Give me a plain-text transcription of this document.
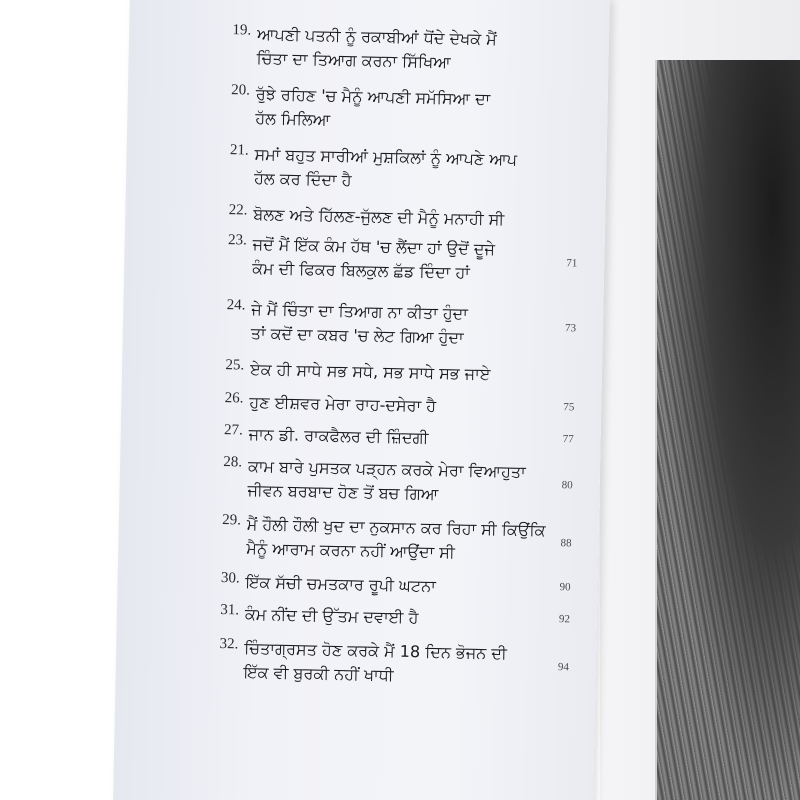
19. ਆਪਣੀ ਪਤਨੀ ਨੂੰ ਰਕਾਬੀਆਂ ਧੋਂਦੇ ਦੇਖਕੇ ਮੈਂ
ਚਿੰਤਾ ਦਾ ਤਿਆਗ ਕਰਨਾ ਸਿੱਖਿਆ
20. ਰੁੱਝੇ ਰਹਿਣ 'ਚ ਮੈਨੂੰ ਆਪਣੀ ਸਮੱਸਿਆ ਦਾ
ਹੱਲ ਮਿਲਿਆ
21. ਸਮਾਂ ਬਹੁਤ ਸਾਰੀਆਂ ਮੁਸ਼ਕਿਲਾਂ ਨੂੰ ਆਪਣੇ ਆਪ
ਹੱਲ ਕਰ ਦਿੰਦਾ ਹੈ
22. ਬੋਲਣ ਅਤੇ ਹਿੱਲਣ-ਜੁੱਲਣ ਦੀ ਮੈਨੂੰ ਮਨਾਹੀ ਸੀ
23. ਜਦੋਂ ਮੈਂ ਇੱਕ ਕੰਮ ਹੱਥ 'ਚ ਲੈਂਦਾ ਹਾਂ ਉਦੋਂ ਦੂਜੇ
ਕੰਮ ਦੀ ਫਿਕਰ ਬਿਲਕੁਲ ਛੱਡ ਦਿੰਦਾ ਹਾਂ	71
24. ਜੇ ਮੈਂ ਚਿੰਤਾ ਦਾ ਤਿਆਗ ਨਾ ਕੀਤਾ ਹੁੰਦਾ
ਤਾਂ ਕਦੋਂ ਦਾ ਕਬਰ 'ਚ ਲੇਟ ਗਿਆ ਹੁੰਦਾ	73
25. ਏਕ ਹੀ ਸਾਧੇ ਸਭ ਸਧੇ, ਸਭ ਸਾਧੇ ਸਭ ਜਾਏ
26. ਹੁਣ ਈਸ਼ਵਰ ਮੇਰਾ ਰਾਹ-ਦਸੇਰਾ ਹੈ	75
27. ਜਾਨ ਡੀ. ਰਾਕਫੈਲਰ ਦੀ ਜ਼ਿੰਦਗੀ	77
28. ਕਾਮ ਬਾਰੇ ਪੁਸਤਕ ਪੜ੍ਹਨ ਕਰਕੇ ਮੇਰਾ ਵਿਆਹੁਤਾ
ਜੀਵਨ ਬਰਬਾਦ ਹੋਣ ਤੋਂ ਬਚ ਗਿਆ	80
29. ਮੈਂ ਹੌਲੀ ਹੌਲੀ ਖੁਦ ਦਾ ਨੁਕਸਾਨ ਕਰ ਰਿਹਾ ਸੀ ਕਿਉਂਕਿ
ਮੈਨੂੰ ਆਰਾਮ ਕਰਨਾ ਨਹੀਂ ਆਉਂਦਾ ਸੀ	88
30. ਇੱਕ ਸੱਚੀ ਚਮਤਕਾਰ ਰੂਪੀ ਘਟਨਾ	90
31. ਕੰਮ ਨੀਂਦ ਦੀ ਉੱਤਮ ਦਵਾਈ ਹੈ	92
32. ਚਿੰਤਾਗ੍ਰਸਤ ਹੋਣ ਕਰਕੇ ਮੈਂ 18 ਦਿਨ ਭੋਜਨ ਦੀ
ਇੱਕ ਵੀ ਬੁਰਕੀ ਨਹੀਂ ਖਾਧੀ	94
